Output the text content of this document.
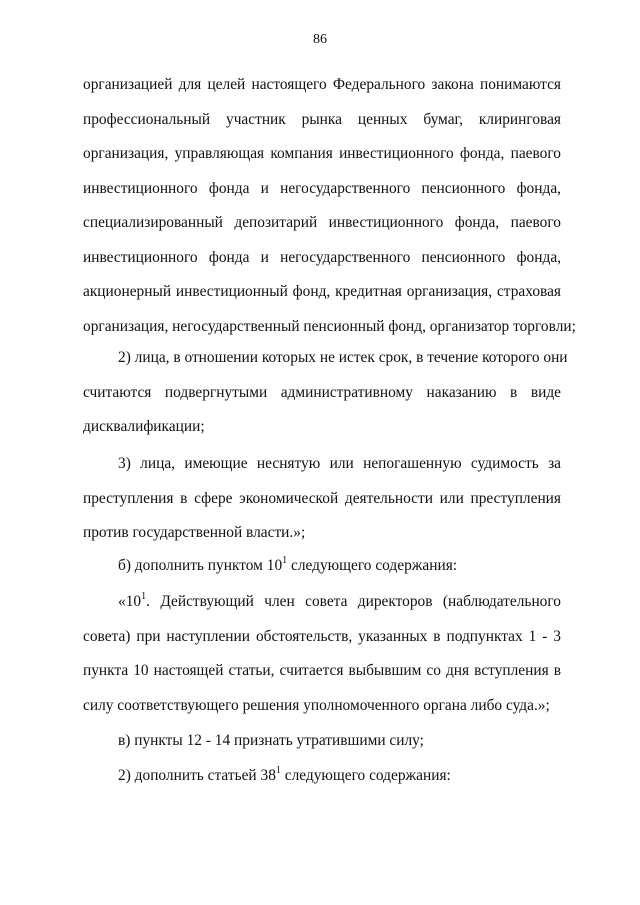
86
организацией для целей настоящего Федерального закона понимаются
профессиональный участник рынка ценных бумаг, клиринговая
организация, управляющая компания инвестиционного фонда, паевого
инвестиционного фонда и негосударственного пенсионного фонда,
специализированный депозитарий инвестиционного фонда, паевого
инвестиционного фонда и негосударственного пенсионного фонда,
акционерный инвестиционный фонд, кредитная организация, страховая
организация, негосударственный пенсионный фонд, организатор торговли;
2) лица, в отношении которых не истек срок, в течение которого они
считаются подвергнутыми административному наказанию в виде
дисквалификации;
3) лица, имеющие неснятую или непогашенную судимость за
преступления в сфере экономической деятельности или преступления
против государственной власти.»;
б) дополнить пунктом $10^1$ следующего содержания:
«$10^1$. Действующий член совета директоров (наблюдательного
совета) при наступлении обстоятельств, указанных в подпунктах 1 - 3
пункта 10 настоящей статьи, считается выбывшим со дня вступления в
силу соответствующего решения уполномоченного органа либо суда.»;
в) пункты 12 - 14 признать утратившими силу;
2) дополнить статьей $38^1$ следующего содержания:
